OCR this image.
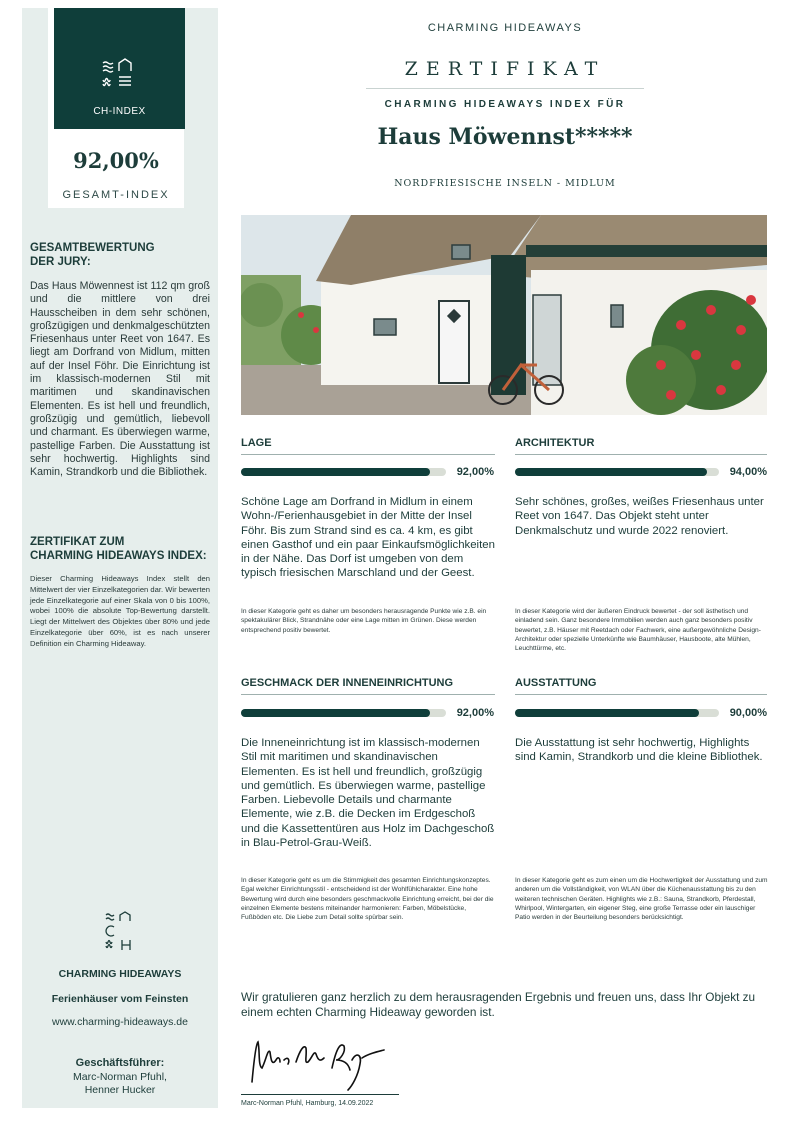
CH-INDEX
92,00%
GESAMT-INDEX
GESAMTBEWERTUNG
DER JURY:
Das Haus Möwennest ist 112 qm groß und die mittlere von drei Hausscheiben in dem sehr schönen, großzügigen und denkmalgeschützten Friesenhaus unter Reet von 1647. Es liegt am Dorfrand von Midlum, mitten auf der Insel Föhr. Die Einrichtung ist im klassisch-modernen Stil mit maritimen und skandinavischen Elementen. Es ist hell und freundlich, großzügig und gemütlich, liebevoll und charmant. Es überwiegen warme, pastellige Farben. Die Ausstattung ist sehr hochwertig. Highlights sind Kamin, Strandkorb und die Bibliothek.
ZERTIFIKAT ZUM
CHARMING HIDEAWAYS INDEX:
Dieser Charming Hideaways Index stellt den Mittelwert der vier Einzelkategorien dar. Wir bewerten jede Einzelkategorie auf einer Skala von 0 bis 100%, wobei 100% die absolute Top-Bewertung darstellt. Liegt der Mittelwert des Objektes über 80% und jede Einzelkategorie über 60%, ist es nach unserer Definition ein Charming Hideaway.
CHARMING HIDEAWAYS
Ferienhäuser vom Feinsten
www.charming-hideaways.de
Geschäftsführer:
Marc-Norman Pfuhl,
Henner Hucker
CHARMING HIDEAWAYS
ZERTIFIKAT
CHARMING HIDEAWAYS INDEX FÜR
Haus Möwennst*****
NORDFRIESISCHE INSELN - MIDLUM
LAGE
92,00%
Schöne Lage am Dorfrand in Midlum in einem Wohn-/Ferienhausgebiet in der Mitte der Insel Föhr. Bis zum Strand sind es ca. 4 km, es gibt einen Gasthof und ein paar Einkaufsmöglichkeiten in der Nähe. Das Dorf ist umgeben von dem typisch friesischen Marschland und der Geest.
In dieser Kategorie geht es daher um besonders herausragende Punkte wie z.B. ein spektakulärer Blick, Strandnähe oder eine Lage mitten im Grünen. Diese werden entsprechend positiv bewertet.
ARCHITEKTUR
94,00%
Sehr schönes, großes, weißes Friesenhaus unter Reet von 1647. Das Objekt steht unter Denkmalschutz und wurde 2022 renoviert.
In dieser Kategorie wird der äußeren Eindruck bewertet - der soll ästhetisch und einladend sein. Ganz besondere Immobilien werden auch ganz besonders positiv bewertet, z.B. Häuser mit Reetdach oder Fachwerk, eine außergewöhnliche Design-Architektur oder spezielle Unterkünfte wie Baumhäuser, Hausboote, alte Mühlen, Leuchttürme, etc.
GESCHMACK DER INNENEINRICHTUNG
92,00%
Die Inneneinrichtung ist im klassisch-modernen Stil mit maritimen und skandinavischen Elementen. Es ist hell und freundlich, großzügig und gemütlich. Es überwiegen warme, pastellige Farben. Liebevolle Details und charmante Elemente, wie z.B. die Decken im Erdgeschoß und die Kassettentüren aus Holz im Dachgeschoß in Blau-Petrol-Grau-Weiß.
In dieser Kategorie geht es um die Stimmigkeit des gesamten Einrichtungskonzeptes. Egal welcher Einrichtungsstil - entscheidend ist der Wohlfühlcharakter. Eine hohe Bewertung wird durch eine besonders geschmackvolle Einrichtung erreicht, bei der die einzelnen Elemente bestens miteinander harmonieren: Farben, Möbelstücke, Fußböden etc. Die Liebe zum Detail sollte spürbar sein.
AUSSTATTUNG
90,00%
Die Ausstattung ist sehr hochwertig, Highlights sind Kamin, Strandkorb und die kleine Bibliothek.
In dieser Kategorie geht es zum einen um die Hochwertigkeit der Ausstattung und zum anderen um die Vollständigkeit, von WLAN über die Küchenausstattung bis zu den weiteren technischen Geräten. Highlights wie z.B.: Sauna, Strandkorb, Pferdestall, Whirlpool, Wintergarten, ein eigener Steg, eine große Terrasse oder ein lauschiger Patio werden in der Beurteilung besonders berücksichtigt.
Wir gratulieren ganz herzlich zu dem herausragenden Ergebnis und freuen uns, dass Ihr Objekt zu einem echten Charming Hideaway geworden ist.
Marc-Norman Pfuhl, Hamburg, 14.09.2022
